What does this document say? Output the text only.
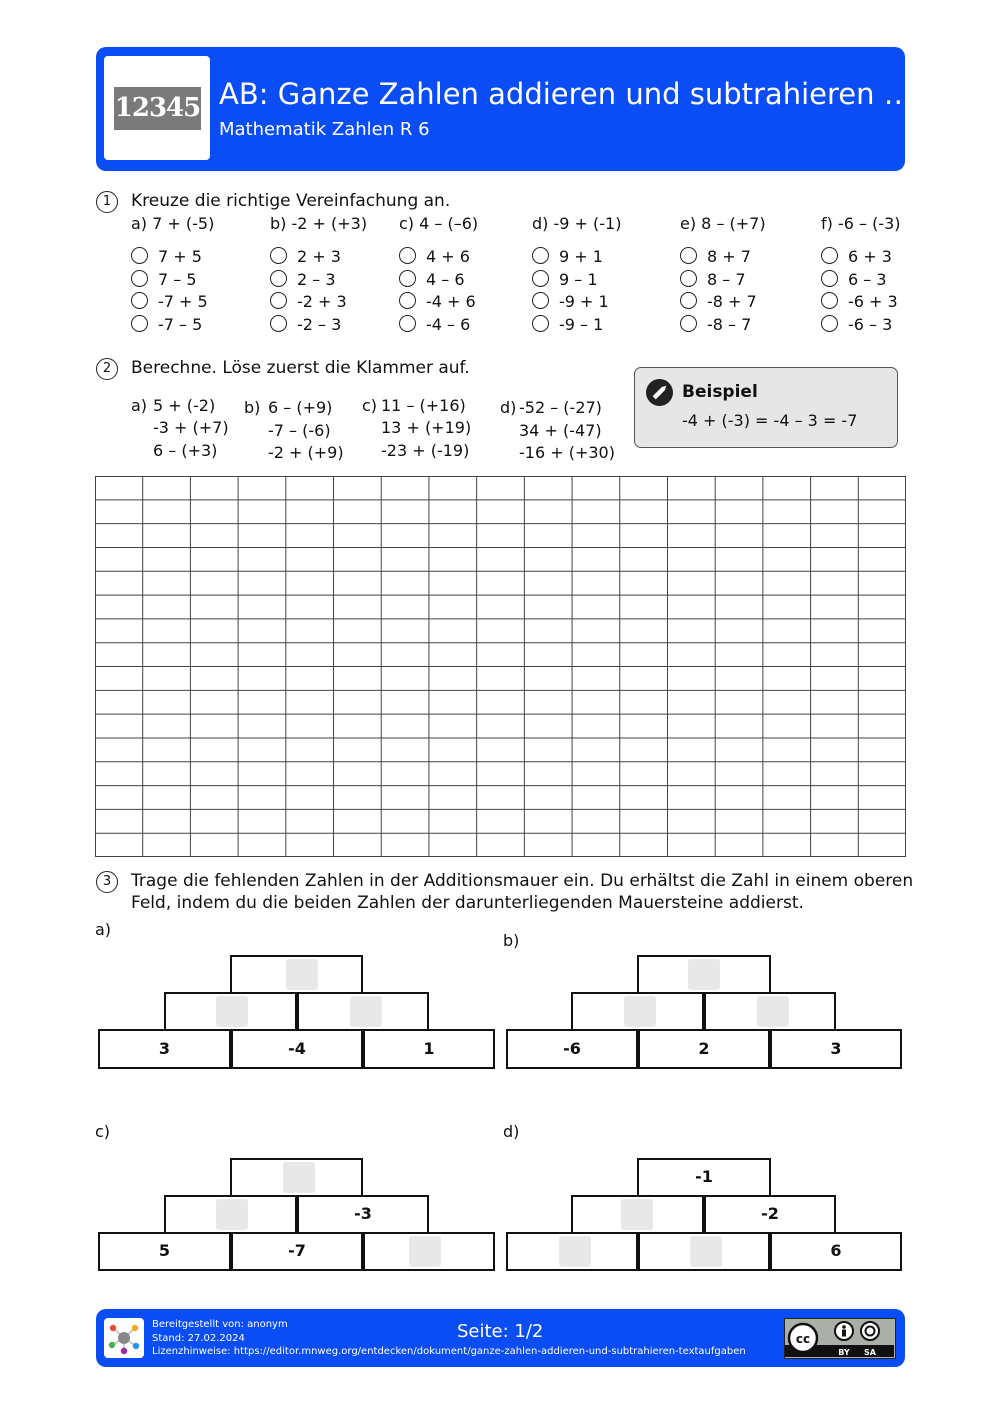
12345 AB: Ganze Zahlen addieren und subtrahieren …
Mathematik Zahlen R 6
1	Kreuze die richtige Vereinfachung an.
a) 7 + (-5)
7 + 5
7 – 5
-7 + 5
-7 – 5
b) -2 + (+3)
2 + 3
2 – 3
-2 + 3
-2 – 3
c) 4 – (–6)
4 + 6
4 – 6
-4 + 6
-4 – 6
d) -9 + (-1)
9 + 1
9 – 1
-9 + 1
-9 – 1
e) 8 – (+7)
8 + 7
8 – 7
-8 + 7
-8 – 7
f) -6 – (-3)
6 + 3
6 – 3
-6 + 3
-6 – 3
2	Berechne. Löse zuerst die Klammer auf.
a) 5 + (-2)
-3 + (+7)
6 – (+3)
b) 6 – (+9)
-7 – (-6)
-2 + (+9)
c) 11 – (+16)
13 + (+19)
-23 + (-19)
d) -52 – (-27)
34 + (-47)
-16 + (+30)
Beispiel
-4 + (-3) = -4 – 3 = -7
3	Trage die fehlenden Zahlen in der Additionsmauer ein. Du erhältst die Zahl in einem oberen
Feld, indem du die beiden Zahlen der darunterliegenden Mauersteine addierst.
a)
3	-4	1
b)
-6	2	3
c)
-3
5	-7
d)
-1
-2
6
Bereitgestellt von: anonym
Stand: 27.02.2024
Lizenzhinweise: https://editor.mnweg.org/entdecken/dokument/ganze-zahlen-addieren-und-subtrahieren-textaufgaben
Seite: 1/2	cc
BY SA
